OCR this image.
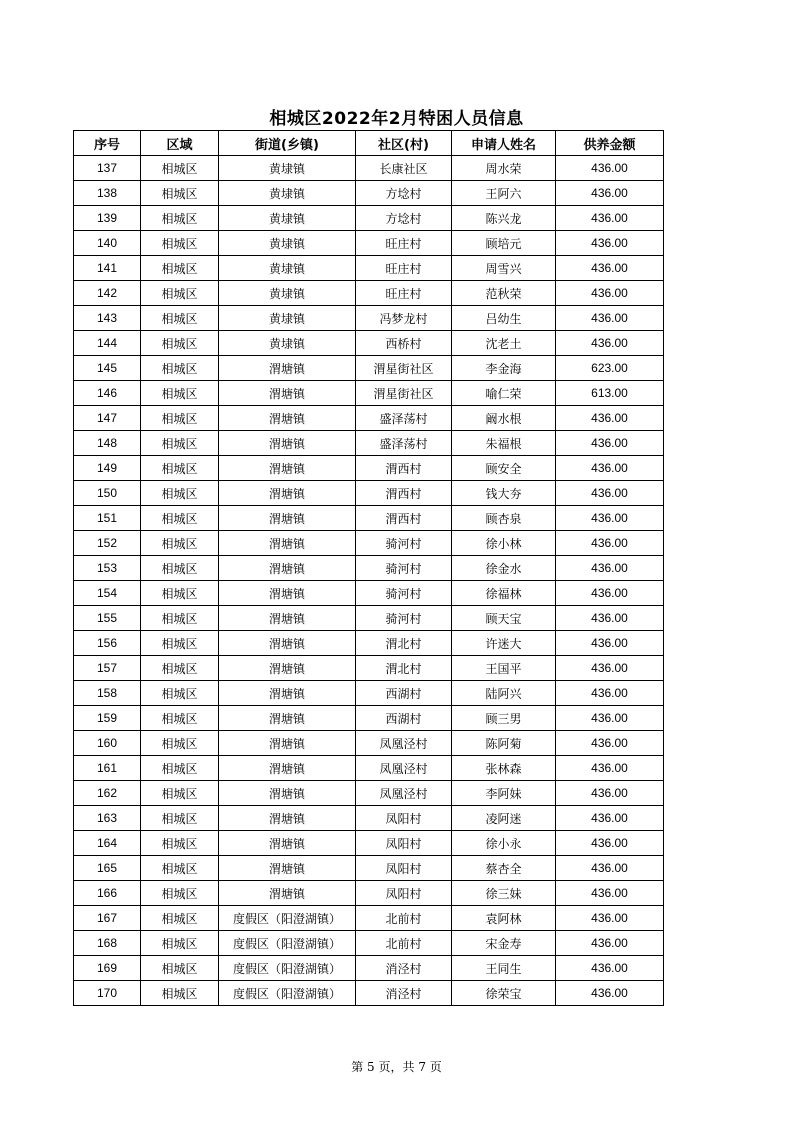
相城区2022年2月特困人员信息
序号	区域	街道(乡镇)	社区(村)	申请人姓名	供养金额
137	相城区	黄埭镇	长康社区	周水荣	436.00
138	相城区	黄埭镇	方埝村	王阿六	436.00
139	相城区	黄埭镇	方埝村	陈兴龙	436.00
140	相城区	黄埭镇	旺庄村	顾培元	436.00
141	相城区	黄埭镇	旺庄村	周雪兴	436.00
142	相城区	黄埭镇	旺庄村	范秋荣	436.00
143	相城区	黄埭镇	冯梦龙村	吕幼生	436.00
144	相城区	黄埭镇	西桥村	沈老土	436.00
145	相城区	渭塘镇	渭星街社区	李金海	623.00
146	相城区	渭塘镇	渭星街社区	喻仁荣	613.00
147	相城区	渭塘镇	盛泽荡村	阚水根	436.00
148	相城区	渭塘镇	盛泽荡村	朱福根	436.00
149	相城区	渭塘镇	渭西村	顾安全	436.00
150	相城区	渭塘镇	渭西村	钱大夯	436.00
151	相城区	渭塘镇	渭西村	顾杏泉	436.00
152	相城区	渭塘镇	骑河村	徐小林	436.00
153	相城区	渭塘镇	骑河村	徐金水	436.00
154	相城区	渭塘镇	骑河村	徐福林	436.00
155	相城区	渭塘镇	骑河村	顾天宝	436.00
156	相城区	渭塘镇	渭北村	许迷大	436.00
157	相城区	渭塘镇	渭北村	王国平	436.00
158	相城区	渭塘镇	西湖村	陆阿兴	436.00
159	相城区	渭塘镇	西湖村	顾三男	436.00
160	相城区	渭塘镇	凤凰泾村	陈阿菊	436.00
161	相城区	渭塘镇	凤凰泾村	张林森	436.00
162	相城区	渭塘镇	凤凰泾村	李阿妹	436.00
163	相城区	渭塘镇	凤阳村	凌阿迷	436.00
164	相城区	渭塘镇	凤阳村	徐小永	436.00
165	相城区	渭塘镇	凤阳村	蔡杏全	436.00
166	相城区	渭塘镇	凤阳村	徐三妹	436.00
167	相城区	度假区（阳澄湖镇）	北前村	袁阿林	436.00
168	相城区	度假区（阳澄湖镇）	北前村	宋金寿	436.00
169	相城区	度假区（阳澄湖镇）	消泾村	王同生	436.00
170	相城区	度假区（阳澄湖镇）	消泾村	徐荣宝	436.00
第 5 页，共 7 页
